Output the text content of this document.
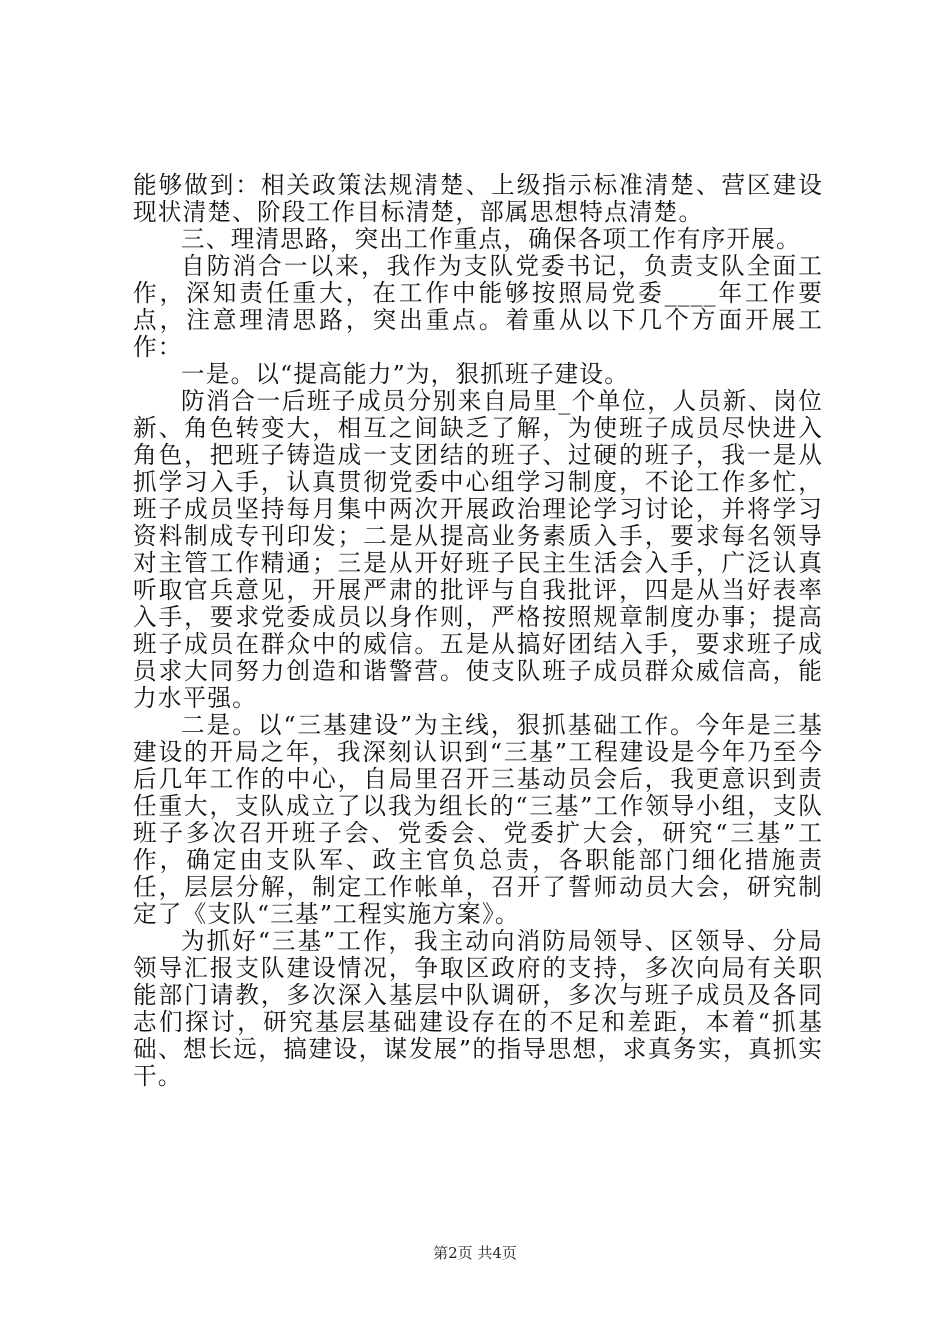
能够做到：相关政策法规清楚、上级指示标准清楚、营区建设现状清楚、阶段工作目标清楚，部属思想特点清楚。

三、理清思路，突出工作重点，确保各项工作有序开展。

自防消合一以来，我作为支队党委书记，负责支队全面工作，深知责任重大，在工作中能够按照局党委____年工作要点，注意理清思路，突出重点。着重从以下几个方面开展工作：

一是。以“提高能力”为，狠抓班子建设。

防消合一后班子成员分别来自局里_个单位，人员新、岗位新、角色转变大，相互之间缺乏了解，为使班子成员尽快进入角色，把班子铸造成一支团结的班子、过硬的班子，我一是从抓学习入手，认真贯彻党委中心组学习制度，不论工作多忙，班子成员坚持每月集中两次开展政治理论学习讨论，并将学习资料制成专刊印发；二是从提高业务素质入手，要求每名领导对主管工作精通；三是从开好班子民主生活会入手，广泛认真听取官兵意见，开展严肃的批评与自我批评，四是从当好表率入手，要求党委成员以身作则，严格按照规章制度办事；提高班子成员在群众中的威信。五是从搞好团结入手，要求班子成员求大同努力创造和谐警营。使支队班子成员群众威信高，能力水平强。

二是。以“三基建设”为主线，狠抓基础工作。今年是三基建设的开局之年，我深刻认识到“三基”工程建设是今年乃至今后几年工作的中心，自局里召开三基动员会后，我更意识到责任重大，支队成立了以我为组长的“三基”工作领导小组，支队班子多次召开班子会、党委会、党委扩大会，研究“三基”工作，确定由支队军、政主官负总责，各职能部门细化措施责任，层层分解，制定工作帐单，召开了誓师动员大会，研究制定了《支队“三基”工程实施方案》。

为抓好“三基”工作，我主动向消防局领导、区领导、分局领导汇报支队建设情况，争取区政府的支持，多次向局有关职能部门请教，多次深入基层中队调研，多次与班子成员及各同志们探讨，研究基层基础建设存在的不足和差距，本着“抓基础、想长远，搞建设，谋发展”的指导思想，求真务实，真抓实干。

第2页 共4页
